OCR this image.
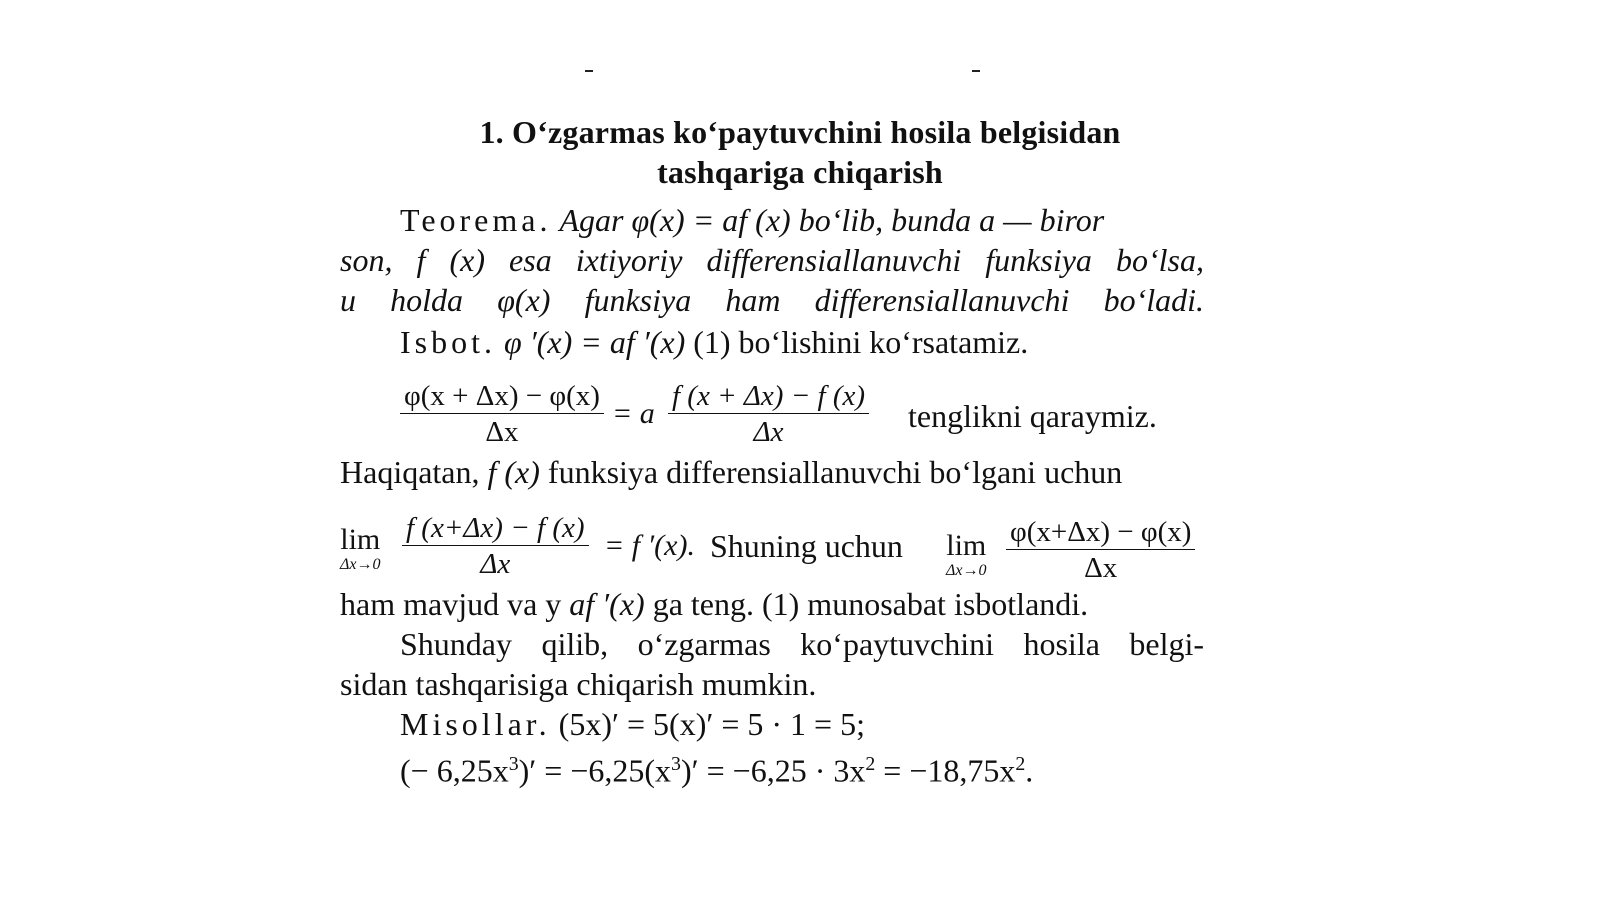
1. O‘zgarmas ko‘paytuvchini hosila belgisidan
tashqariga chiqarish
Teorema. Agar φ(x) = af (x) bo‘lib, bunda a — biror
son, f (x) esa ixtiyoriy differensiallanuvchi funksiya bo‘lsa,
u holda φ(x) funksiya ham differensiallanuvchi bo‘ladi.
Isbot. φ ′(x) = af ′(x) (1) bo‘lishini ko‘rsatamiz.
$\frac{\varphi(x + \Delta x) - \varphi(x)}{\Delta x} = a \frac{f (x + \Delta x) - f (x)}{\Delta x}$ tenglikni qaraymiz.
Haqiqatan, f (x) funksiya differensiallanuvchi bo‘lgani uchun
lim
$\Delta x\to 0 \frac{f (x+\Delta x) - f (x)}{\Delta x} = f$ ′(x). Shuning uchun lim
$\Delta x\to 0 \frac{\varphi(x+\Delta x) - \varphi(x)}{\Delta x}$
ham mavjud va y af ′(x) ga teng. (1) munosabat isbotlandi.
Shunday qilib, o‘zgarmas ko‘paytuvchini hosila belgi-
sidan tashqarisiga chiqarish mumkin.
Misollar. (5x)′ = 5(x)′ = 5 · 1 = 5;
(− $6,25x^3)' = -6,25(x^3)' = -6,25 \cdot 3x^2 = -18,75x^2$.
